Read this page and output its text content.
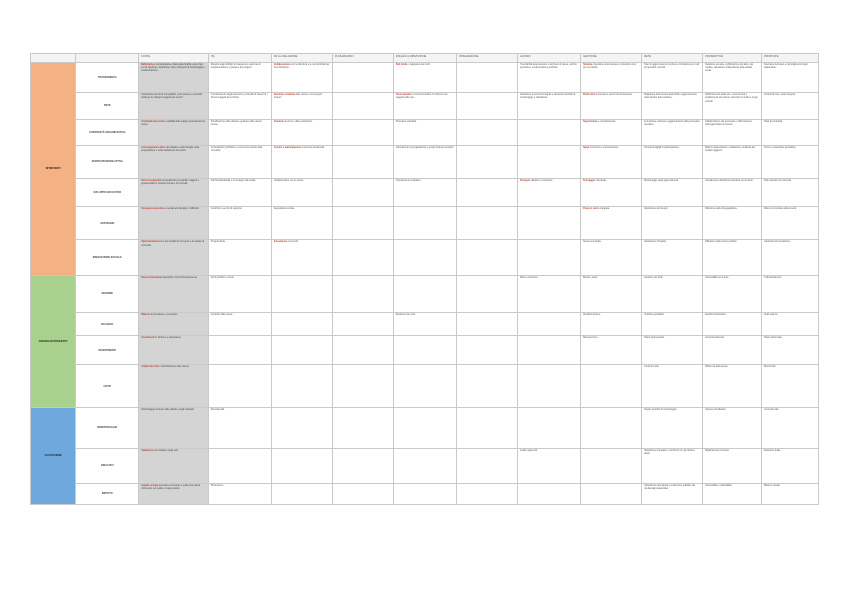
		FONTE	ITA	FR & A RELAZIONE	PLUSARIANDO	RISCHIO & RIPETIZIONE	INTEGRAZIONE	LAVORO	GESTIONE	RETE	PROSPETTIVA	PROPOSTE
INTERVENTI	TRASPARENZA	Definizione e comunicazione chiara delle finalità e dei criteri per la selezione, definizione ruoli e strumenti di monitoraggio e rendicontazione.	Rispetto degli obblighi di trasparenza nelle fasi di programmazione e gestione dei progetti.	Collaborazione con le istituzioni e le reti territoriali per la condivisione.		Reti locali e mappatura dei rischi.		Tracciabilità delle decisioni e dei flussi di spesa, verifica periodica e rendicontazione pubblica.	Sistema di gestione documentale e protocollo unico per le pratiche.	Piani di aggiornamento continuo e formazione per tutti gli operatori coinvolti.	Relazione annuale, pubblicazione dei dati e dei risultati, valutazione indipendente delle attività svolte.	Revisione del piano e coinvolgimento degli stakeholder.
	RETE	Costruzione di reti tra enti pubblici, terzo settore e comunità locali per lo sviluppo integrato dei servizi.	Coordinamento degli interventi e protocolli di intesa tra i diversi soggetti del territorio.	Gestione condivisa delle risorse e dei progetti comuni.		Tavoli tematici e incontri periodici di confronto tra i soggetti della rete.		Attivazione di percorsi integrati e strumenti condivisi di monitoraggio e valutazione.	Punti unici di accesso e servizi di orientamento.	Mappatura delle risorse disponibili e aggiornamento delle banche dati condivise.	Rafforzamento della rete, nuovi accordi e ampliamento dei partner coinvolti nel medio e lungo periodo.	Accordi di rete e piani integrati.
	CONTINUITÀ ORGANIZZATIVA	Continuità dei servizi e stabilità delle équipe professionali nel tempo.	Pianificazione delle attività e gestione delle risorse umane.	Gestione dei turni e delle sostituzioni.		Procedure standard.			Supervisione e coordinamento.	Formazione continua e aggiornamento delle procedure operative.	Stabilizzazione del personale e rafforzamento dell'organizzazione interna.	Piani di continuità.
	PARTECIPAZIONE ATTIVA	Coinvolgimento attivo dei cittadini e delle famiglie nella progettazione e nella valutazione dei servizi.	Consultazioni pubbliche e momenti di ascolto della comunità.	Ascolto e partecipazione ai processi decisionali.		Laboratori di co-progettazione e gruppi di lavoro tematici.			Spazi di incontro e comunicazione.	Strumenti digitali di partecipazione.	Bilancio partecipativo e valutazione condivisa dei risultati raggiunti.	Forum e assemblee periodiche.
	SVILUPPO EDUCATIVO	Percorsi educativi personalizzati per bambini, ragazzi e giovani adulti in contesti formali e non formali.	Attività laboratoriali e di sostegno allo studio.	Collaborazione con le scuole.		Orientamento scolastico.		Sostegno didattico e inclusione.	Tutoraggio individuale.	Monitoraggio degli apprendimenti.	Ampliamento dell'offerta educativa sul territorio.	Patti educativi di comunità.
	SOSTEGNO	Sostegno economico e sociale alle famiglie in difficoltà.	Contributi e servizi di supporto.	Segretariato sociale.					Presa in carico integrata.	Valutazione dei bisogni.	Riduzione delle disuguaglianze.	Misure di contrasto alla povertà.
	INNOVAZIONE SOCIALE	Sperimentazione di nuovi modelli di intervento e di welfare di comunità.	Progetti pilota.	Innovazione nei servizi.					Nuove tecnologie.	Valutazione d'impatto.	Diffusione delle buone pratiche.	Laboratori di innovazione.
FINANZA DI PROGETTO	RISORSE	Risorse finanziarie disponibili e fonti di finanziamento.	Fondi pubblici e privati.					Piano economico.	Bandi e avvisi.	Gestione dei fondi.	Sostenibilità nel tempo.	Cofinanziamento.
	BILANCIO	Bilancio di previsione e consuntivo.	Controllo della spesa.			Revisione dei conti.			Rendicontazione.	Verifiche periodiche.	Equilibrio finanziario.	Audit esterno.
	INVESTIMENTI	Investimenti in strutture e attrezzature.							Manutenzione.	Piano degli acquisti.	Ammodernamento.	Piano pluriennale.
	COSTI	Analisi dei costi e ottimizzazione delle risorse.								Centri di costo.	Efficienza della spesa.	Benchmark.
VALUTAZIONE	MONITORAGGIO	Monitoraggio continuo delle attività e degli indicatori.	Raccolta dati.							Report periodici di monitoraggio.	Sistema di indicatori.	Cruscotto dati.
	RISULTATI	Valutazione dei risultati e degli esiti.						Analisi degli esiti.		Valutazione di impatto e confronto con gli obiettivi attesi.	Miglioramento continuo.	Relazione finale.
	IMPATTO	Impatto sociale generato sul territorio e sulla comunità di riferimento nel medio e lungo periodo.	Misurazione.							Valutazione partecipata e restituzione pubblica dei risultati agli stakeholder.	Sostenibilità e replicabilità.	Bilancio sociale.
